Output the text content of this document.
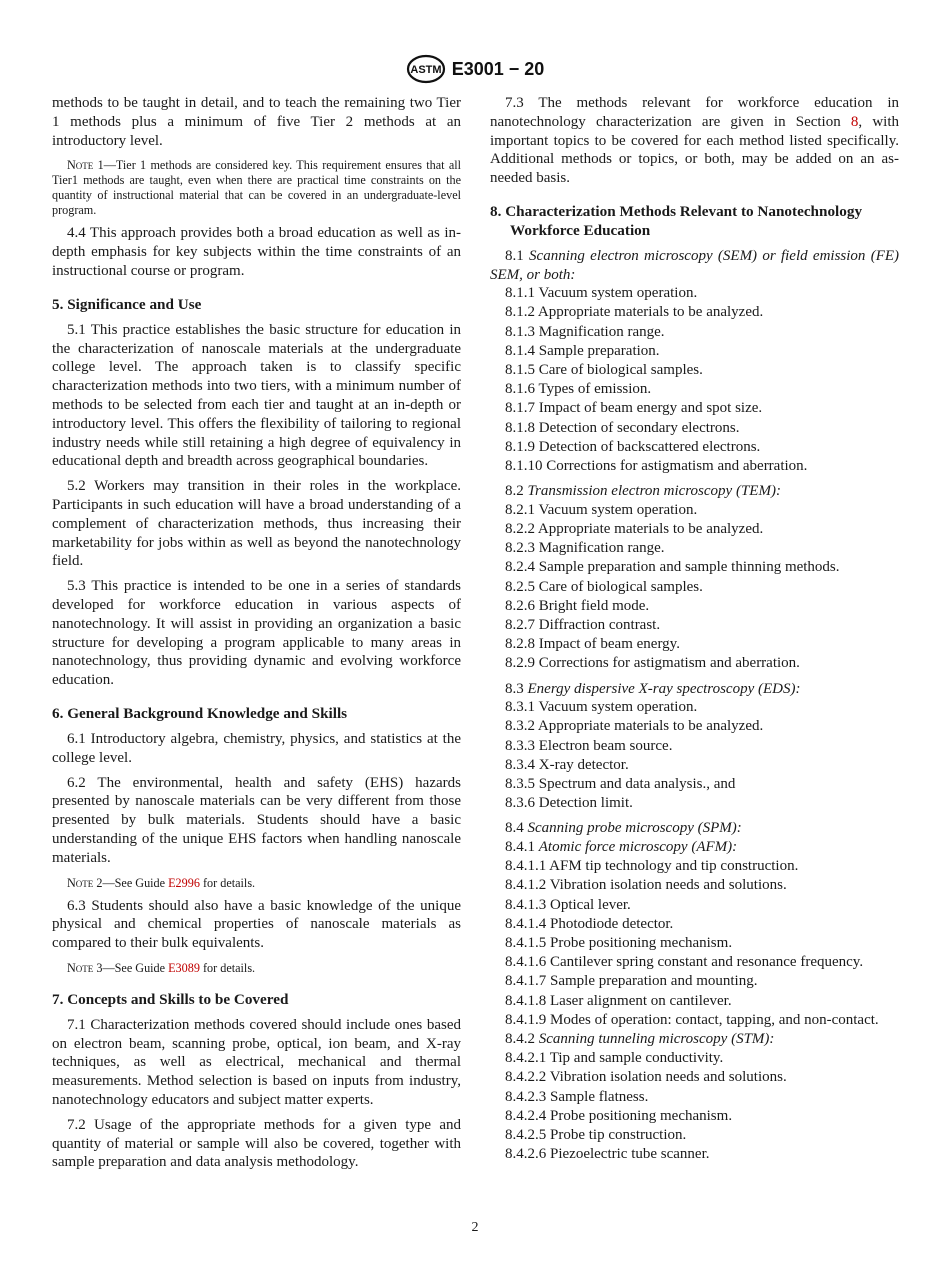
ASTM E3001 − 20

methods to be taught in detail, and to teach the remaining two Tier 1 methods plus a minimum of five Tier 2 methods at an introductory level.

Note 1—Tier 1 methods are considered key. This requirement ensures that all Tier1 methods are taught, even when there are practical time constraints on the quantity of instructional material that can be covered in an undergraduate-level program.

4.4 This approach provides both a broad education as well as in-depth emphasis for key subjects within the time constraints of an instructional course or program.

5. Significance and Use

5.1 This practice establishes the basic structure for education in the characterization of nanoscale materials at the undergraduate college level. The approach taken is to classify specific characterization methods into two tiers, with a minimum number of methods to be selected from each tier and taught at an in-depth or introductory level. This offers the flexibility of tailoring to regional industry needs while still retaining a high degree of equivalency in educational depth and breadth across geographical boundaries.

5.2 Workers may transition in their roles in the workplace. Participants in such education will have a broad understanding of a complement of characterization methods, thus increasing their marketability for jobs within as well as beyond the nanotechnology field.

5.3 This practice is intended to be one in a series of standards developed for workforce education in various aspects of nanotechnology. It will assist in providing an organization a basic structure for developing a program applicable to many areas in nanotechnology, thus providing dynamic and evolving workforce education.

6. General Background Knowledge and Skills

6.1 Introductory algebra, chemistry, physics, and statistics at the college level.

6.2 The environmental, health and safety (EHS) hazards presented by nanoscale materials can be very different from those presented by bulk materials. Students should have a basic understanding of the unique EHS factors when handling nanoscale materials.

Note 2—See Guide E2996 for details.

6.3 Students should also have a basic knowledge of the unique physical and chemical properties of nanoscale materials as compared to their bulk equivalents.

Note 3—See Guide E3089 for details.

7. Concepts and Skills to be Covered

7.1 Characterization methods covered should include ones based on electron beam, scanning probe, optical, ion beam, and X-ray techniques, as well as electrical, mechanical and thermal measurements. Method selection is based on inputs from industry, nanotechnology educators and subject matter experts.

7.2 Usage of the appropriate methods for a given type and quantity of material or sample will also be covered, together with sample preparation and data analysis methodology.

7.3 The methods relevant for workforce education in nanotechnology characterization are given in Section 8, with important topics to be covered for each method listed specifically. Additional methods or topics, or both, may be added on an as-needed basis.

8. Characterization Methods Relevant to Nanotechnology Workforce Education

8.1 Scanning electron microscopy (SEM) or field emission (FE) SEM, or both:

8.1.1 Vacuum system operation.

8.1.2 Appropriate materials to be analyzed.

8.1.3 Magnification range.

8.1.4 Sample preparation.

8.1.5 Care of biological samples.

8.1.6 Types of emission.

8.1.7 Impact of beam energy and spot size.

8.1.8 Detection of secondary electrons.

8.1.9 Detection of backscattered electrons.

8.1.10 Corrections for astigmatism and aberration.

8.2 Transmission electron microscopy (TEM):

8.2.1 Vacuum system operation.

8.2.2 Appropriate materials to be analyzed.

8.2.3 Magnification range.

8.2.4 Sample preparation and sample thinning methods.

8.2.5 Care of biological samples.

8.2.6 Bright field mode.

8.2.7 Diffraction contrast.

8.2.8 Impact of beam energy.

8.2.9 Corrections for astigmatism and aberration.

8.3 Energy dispersive X-ray spectroscopy (EDS):

8.3.1 Vacuum system operation.

8.3.2 Appropriate materials to be analyzed.

8.3.3 Electron beam source.

8.3.4 X-ray detector.

8.3.5 Spectrum and data analysis., and

8.3.6 Detection limit.

8.4 Scanning probe microscopy (SPM):

8.4.1 Atomic force microscopy (AFM):

8.4.1.1 AFM tip technology and tip construction.

8.4.1.2 Vibration isolation needs and solutions.

8.4.1.3 Optical lever.

8.4.1.4 Photodiode detector.

8.4.1.5 Probe positioning mechanism.

8.4.1.6 Cantilever spring constant and resonance frequency.

8.4.1.7 Sample preparation and mounting.

8.4.1.8 Laser alignment on cantilever.

8.4.1.9 Modes of operation: contact, tapping, and non-contact.

8.4.2 Scanning tunneling microscopy (STM):

8.4.2.1 Tip and sample conductivity.

8.4.2.2 Vibration isolation needs and solutions.

8.4.2.3 Sample flatness.

8.4.2.4 Probe positioning mechanism.

8.4.2.5 Probe tip construction.

8.4.2.6 Piezoelectric tube scanner.

2
